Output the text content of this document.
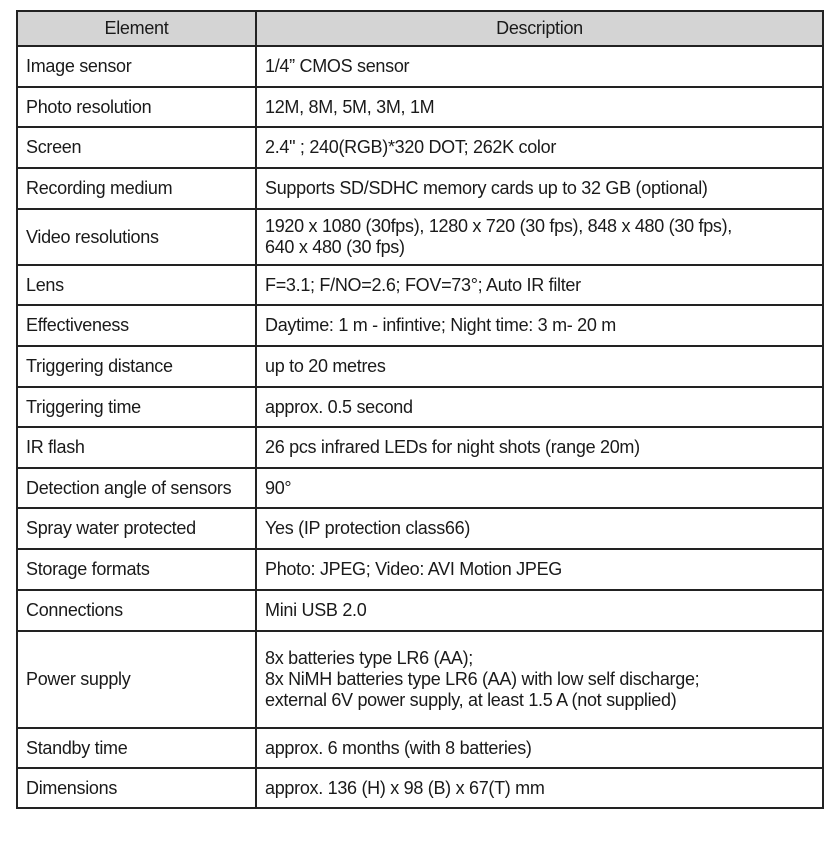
Element	Description
Image sensor	1/4” CMOS sensor

Photo resolution	12M, 8M, 5M, 3M, 1M

Screen	2.4" ; 240(RGB)*320 DOT; 262K color

Recording medium	Supports SD/SDHC memory cards up to 32 GB (optional)

Video resolutions	1920 x 1080 (30fps), 1280 x 720 (30 fps), 848 x 480 (30 fps),
640 x 480 (30 fps)

Lens	F=3.1; F/NO=2.6; FOV=73°; Auto IR filter

Effectiveness	Daytime: 1 m - infintive; Night time: 3 m- 20 m

Triggering distance	up to 20 metres

Triggering time	approx. 0.5 second

IR flash	26 pcs infrared LEDs for night shots (range 20m)

Detection angle of sensors	90°

Spray water protected	Yes (IP protection class66)

Storage formats	Photo: JPEG; Video: AVI Motion JPEG

Connections	Mini USB 2.0

Power supply	8x batteries type LR6 (AA);
8x NiMH batteries type LR6 (AA) with low self discharge;
external 6V power supply, at least 1.5 A (not supplied)

Standby time	approx. 6 months (with 8 batteries)

Dimensions	approx. 136 (H) x 98 (B) x 67(T) mm
